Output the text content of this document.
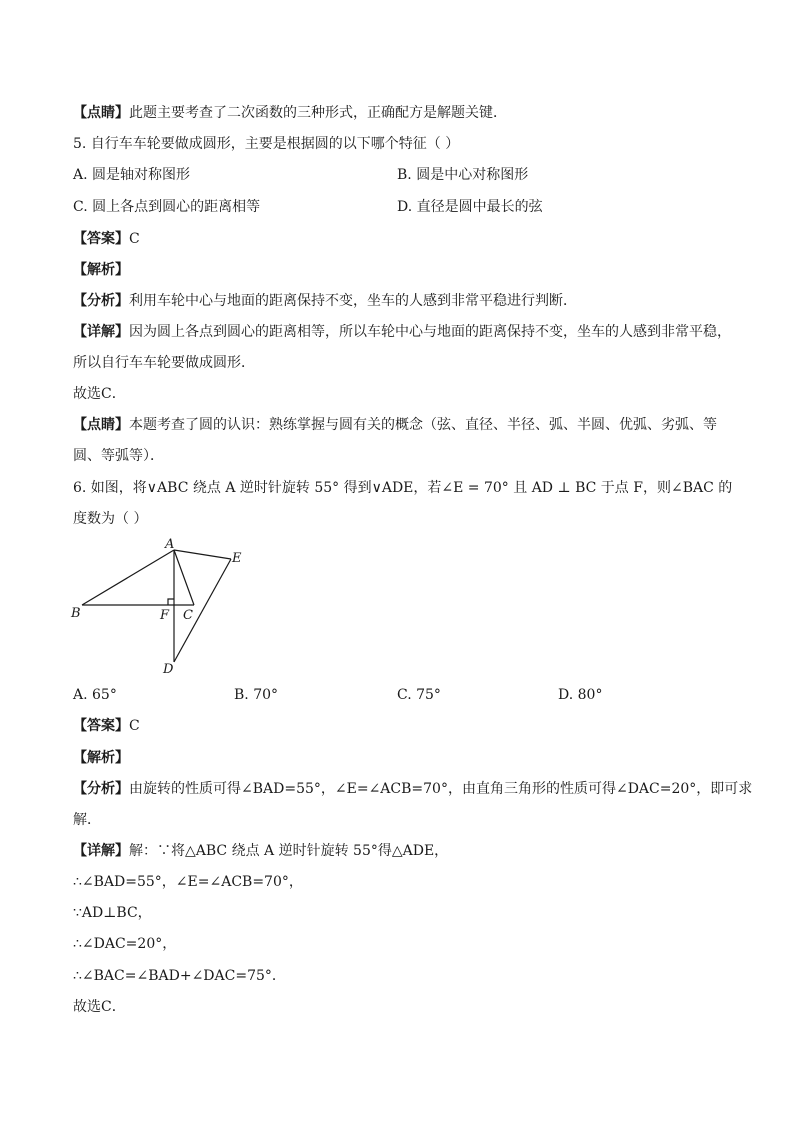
【点睛】此题主要考查了二次函数的三种形式，正确配方是解题关键．
5. 自行车车轮要做成圆形，主要是根据圆的以下哪个特征（ ）
A. 圆是轴对称图形	B. 圆是中心对称图形
C. 圆上各点到圆心的距离相等	D. 直径是圆中最长的弦
【答案】C
【解析】
【分析】利用车轮中心与地面的距离保持不变，坐车的人感到非常平稳进行判断．
【详解】因为圆上各点到圆心的距离相等，所以车轮中心与地面的距离保持不变，坐车的人感到非常平稳，
所以自行车车轮要做成圆形．
故选C．
【点睛】本题考查了圆的认识：熟练掌握与圆有关的概念（弦、直径、半径、弧、半圆、优弧、劣弧、等
圆、等弧等）．
6. 如图，将∨ABC 绕点 A 逆时针旋转 55° 得到∨ADE，若∠E = 70° 且 AD ⊥ BC 于点 F，则∠BAC 的
度数为（ ）
A
B	C
D
E
F
A. 65°	B. 70°	C. 75°	D. 80°
【答案】C
【解析】
【分析】由旋转的性质可得∠BAD=55°，∠E=∠ACB=70°，由直角三角形的性质可得∠DAC=20°，即可求
解．
【详解】解：∵将△ABC 绕点 A 逆时针旋转 55°得△ADE，
∴∠BAD=55°，∠E=∠ACB=70°，
∵AD⊥BC，
∴∠DAC=20°，
∴∠BAC=∠BAD+∠DAC=75°．
故选C．
